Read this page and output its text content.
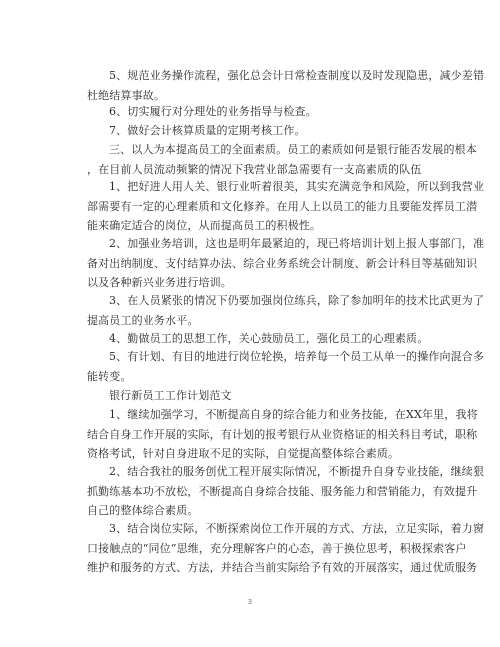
5、规范业务操作流程，强化总会计日常检查制度以及时发现隐患，减少差错
杜绝结算事故。
6、切实履行对分理处的业务指导与检查。
7、做好会计核算质量的定期考核工作。
三、以人为本提高员工的全面素质。员工的素质如何是银行能否发展的根本
，在目前人员流动频繁的情况下我营业部急需要有一支高素质的队伍
1、把好进人用人关、银行业听着很美，其实充满竞争和风险，所以到我营业
部需要有一定的心理素质和文化修养。在用人上以员工的能力且要能发挥员工潜
能来确定适合的岗位，从而提高员工的积极性。
2、加强业务培训，这也是明年最紧迫的，现已将培训计划上报人事部门，准
备对出纳制度、支付结算办法、综合业务系统会计制度、新会计科目等基础知识
以及各种新兴业务进行培训。
3、在人员紧张的情况下仍要加强岗位练兵，除了参加明年的技术比武更为了
提高员工的业务水平。
4、勤做员工的思想工作，关心鼓励员工，强化员工的心理素质。
5、有计划、有目的地进行岗位轮换，培养每一个员工从单一的操作向混合多
能转变。
银行新员工工作计划范文
1、继续加强学习，不断提高自身的综合能力和业务技能，在XX年里，我将
结合自身工作开展的实际，有计划的报考银行从业资格证的相关科目考试，职称
资格考试，针对自身进取不足的实际，自觉提高整体综合素质。
2、结合我社的服务创优工程开展实际情况，不断提升自身专业技能，继续狠
抓勤练基本功不放松，不断提高自身综合技能、服务能力和营销能力，有效提升
自己的整体综合素质。
3、结合岗位实际，不断探索岗位工作开展的方式、方法，立足实际，着力窗
口接触点的“同位”思维，充分理解客户的心态，善于换位思考，积极探索客户
维护和服务的方式、方法，并结合当前实际给予有效的开展落实，通过优质服务
3
